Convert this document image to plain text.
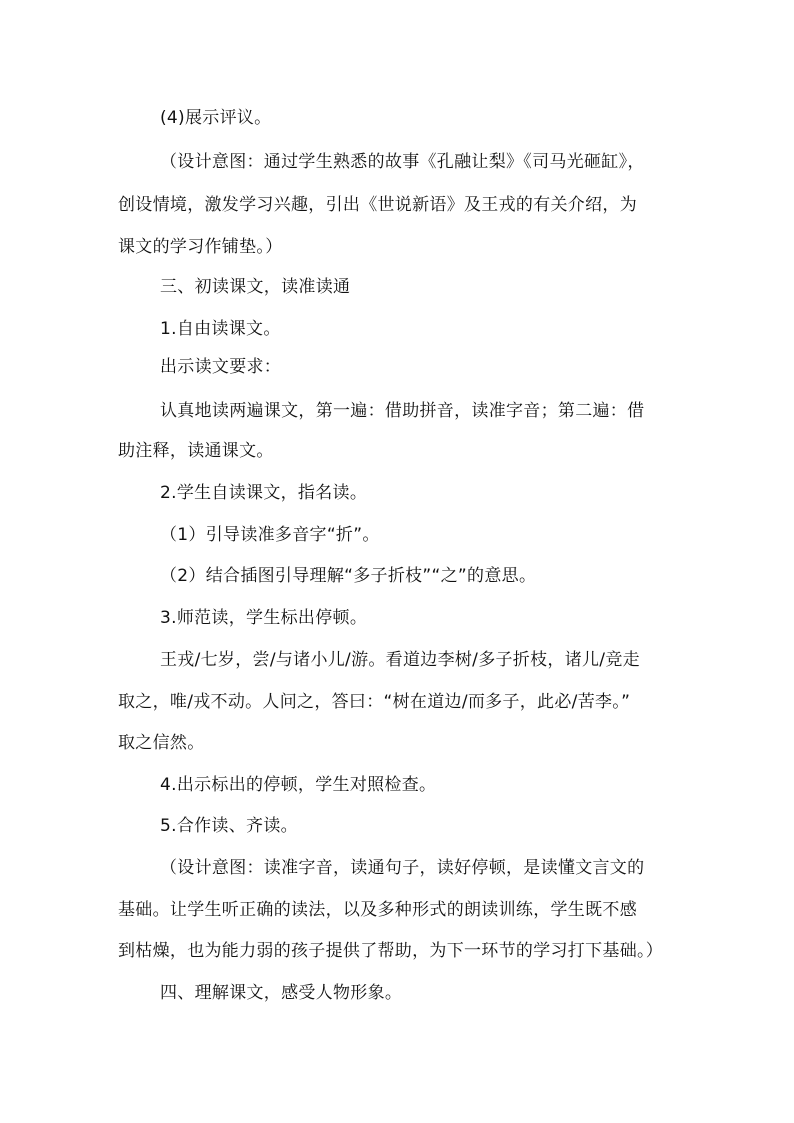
(4)展示评议。
（设计意图：通过学生熟悉的故事《孔融让梨》《司马光砸缸》，
创设情境，激发学习兴趣，引出《世说新语》及王戎的有关介绍，为
课文的学习作铺垫。）
三、初读课文，读准读通
1.自由读课文。
出示读文要求：
认真地读两遍课文，第一遍：借助拼音，读准字音；第二遍：借
助注释，读通课文。
2.学生自读课文，指名读。
（1）引导读准多音字“折”。
（2）结合插图引导理解“多子折枝”“之”的意思。
3.师范读，学生标出停顿。
王戎/七岁，尝/与诸小儿/游。看道边李树/多子折枝，诸儿/竞走
取之，唯/戎不动。人问之，答曰：“树在道边/而多子，此必/苦李。”
取之信然。
4.出示标出的停顿，学生对照检查。
5.合作读、齐读。
（设计意图：读准字音，读通句子，读好停顿，是读懂文言文的
基础。让学生听正确的读法，以及多种形式的朗读训练，学生既不感
到枯燥，也为能力弱的孩子提供了帮助，为下一环节的学习打下基础。）
四、理解课文，感受人物形象。
